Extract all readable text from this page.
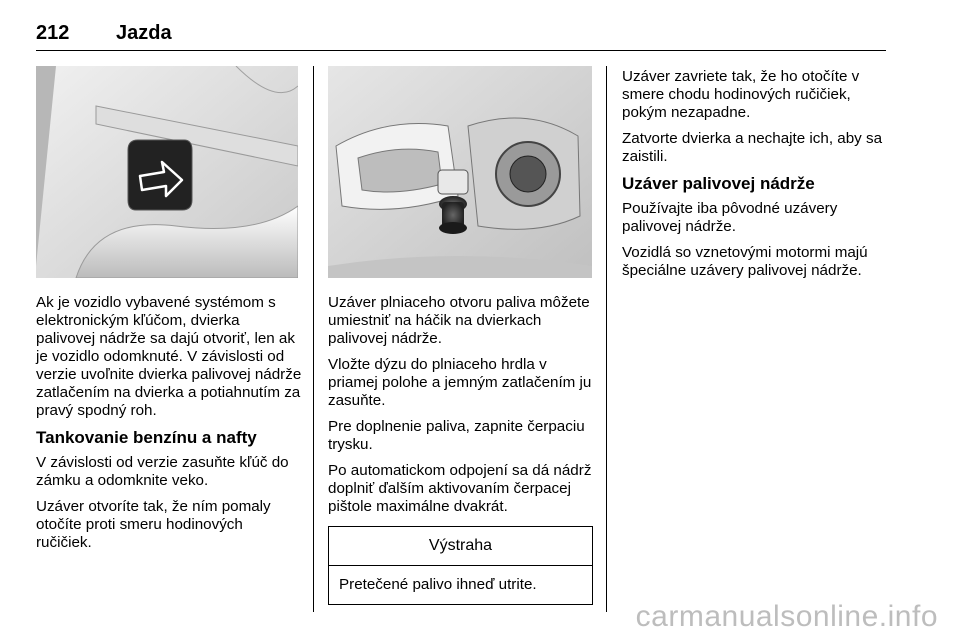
212 Jazda

Ak je vozidlo vybavené systémom s elektronickým kľúčom, dvierka palivovej nádrže sa dajú otvoriť, len ak je vozidlo odomknuté. V závislosti od verzie uvoľnite dvierka palivovej nádrže zatlačením na dvierka a potiahnutím za pravý spodný roh.

Tankovanie benzínu a nafty

V závislosti od verzie zasuňte kľúč do zámku a odomknite veko.

Uzáver otvoríte tak, že ním pomaly otočíte proti smeru hodinových ručičiek.

Uzáver plniaceho otvoru paliva môžete umiestniť na háčik na dvierkach palivovej nádrže.

Vložte dýzu do plniaceho hrdla v priamej polohe a jemným zatlačením ju zasuňte.

Pre doplnenie paliva, zapnite čerpaciu trysku.

Po automatickom odpojení sa dá nádrž doplniť ďalším aktivovaním čerpacej pištole maximálne dvakrát.

Výstraha
Pretečené palivo ihneď utrite.

Uzáver zavriete tak, že ho otočíte v smere chodu hodinových ručičiek, pokým nezapadne.

Zatvorte dvierka a nechajte ich, aby sa zaistili.

Uzáver palivovej nádrže

Používajte iba pôvodné uzávery palivovej nádrže.

Vozidlá so vznetovými motormi majú špeciálne uzávery palivovej nádrže.

carmanualsonline.info
